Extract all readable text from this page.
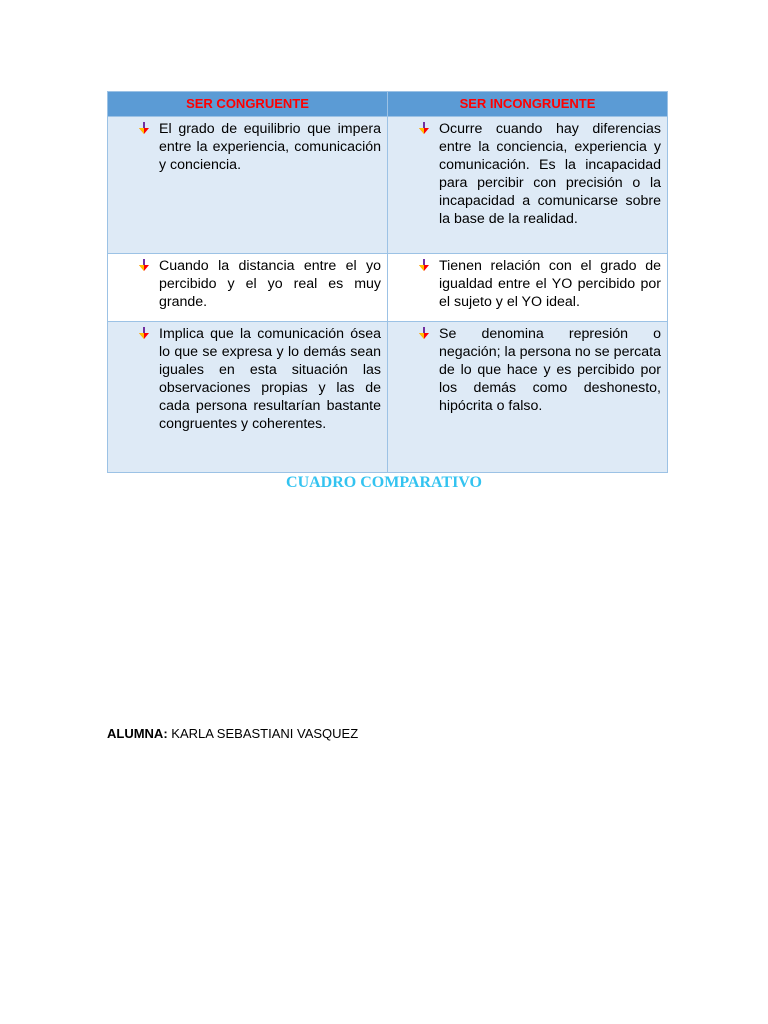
SER CONGRUENTE	SER INCONGRUENTE

El grado de equilibrio que impera entre la experiencia, comunicación y conciencia.	Ocurre cuando hay diferencias entre la conciencia, experiencia y comunicación. Es la incapacidad para percibir con precisión o la incapacidad a comunicarse sobre la base de la realidad.

Cuando la distancia entre el yo percibido y el yo real es muy grande.	Tienen relación con el grado de igualdad entre el YO percibido por el sujeto y el YO ideal.

Implica que la comunicación ósea lo que se expresa y lo demás sean iguales en esta situación las observaciones propias y las de cada persona resultarían bastante congruentes y coherentes.	Se denomina represión o negación; la persona no se percata de lo que hace y es percibido por los demás como deshonesto, hipócrita o falso.

CUADRO COMPARATIVO

ALUMNA: KARLA SEBASTIANI VASQUEZ
